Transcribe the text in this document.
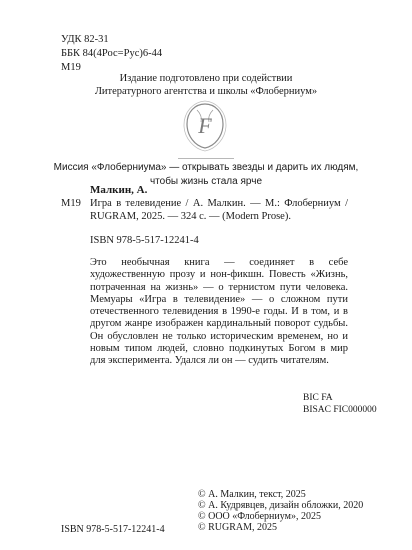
УДК 82-31
ББК 84(4Рос=Рус)6-44
М19
Издание подготовлено при содействии
Литературного агентства и школы «Флоберниум»
F
Миссия «Флоберниума» — открывать звезды и дарить их людям,
чтобы жизнь стала ярче
М19
Малкин, А.
Игра в телевидение / А. Малкин. — М.: Флоберниум / RUGRAM, 2025. — 324 с. — (Modern Prose).
ISBN 978-5-517-12241-4

Это необычная книга — соединяет в себе художественную прозу и нон-фикшн. Повесть «Жизнь, потраченная на жизнь» — о тернистом пути человека. Мемуары «Игра в телевидение» — о сложном пути отечественного телевидения в 1990-е годы. И в том, и в другом жанре изображен кардинальный поворот судьбы. Он обусловлен не только историческим временем, но и новым типом людей, словно подкинутых Богом в мир для эксперимента. Удался ли он — судить читателям.

BIC FA
BISAC FIC000000
© А. Малкин, текст, 2025
© А. Кудрявцев, дизайн обложки, 2020
© ООО «Флоберниум», 2025
© RUGRAM, 2025
ISBN 978-5-517-12241-4
